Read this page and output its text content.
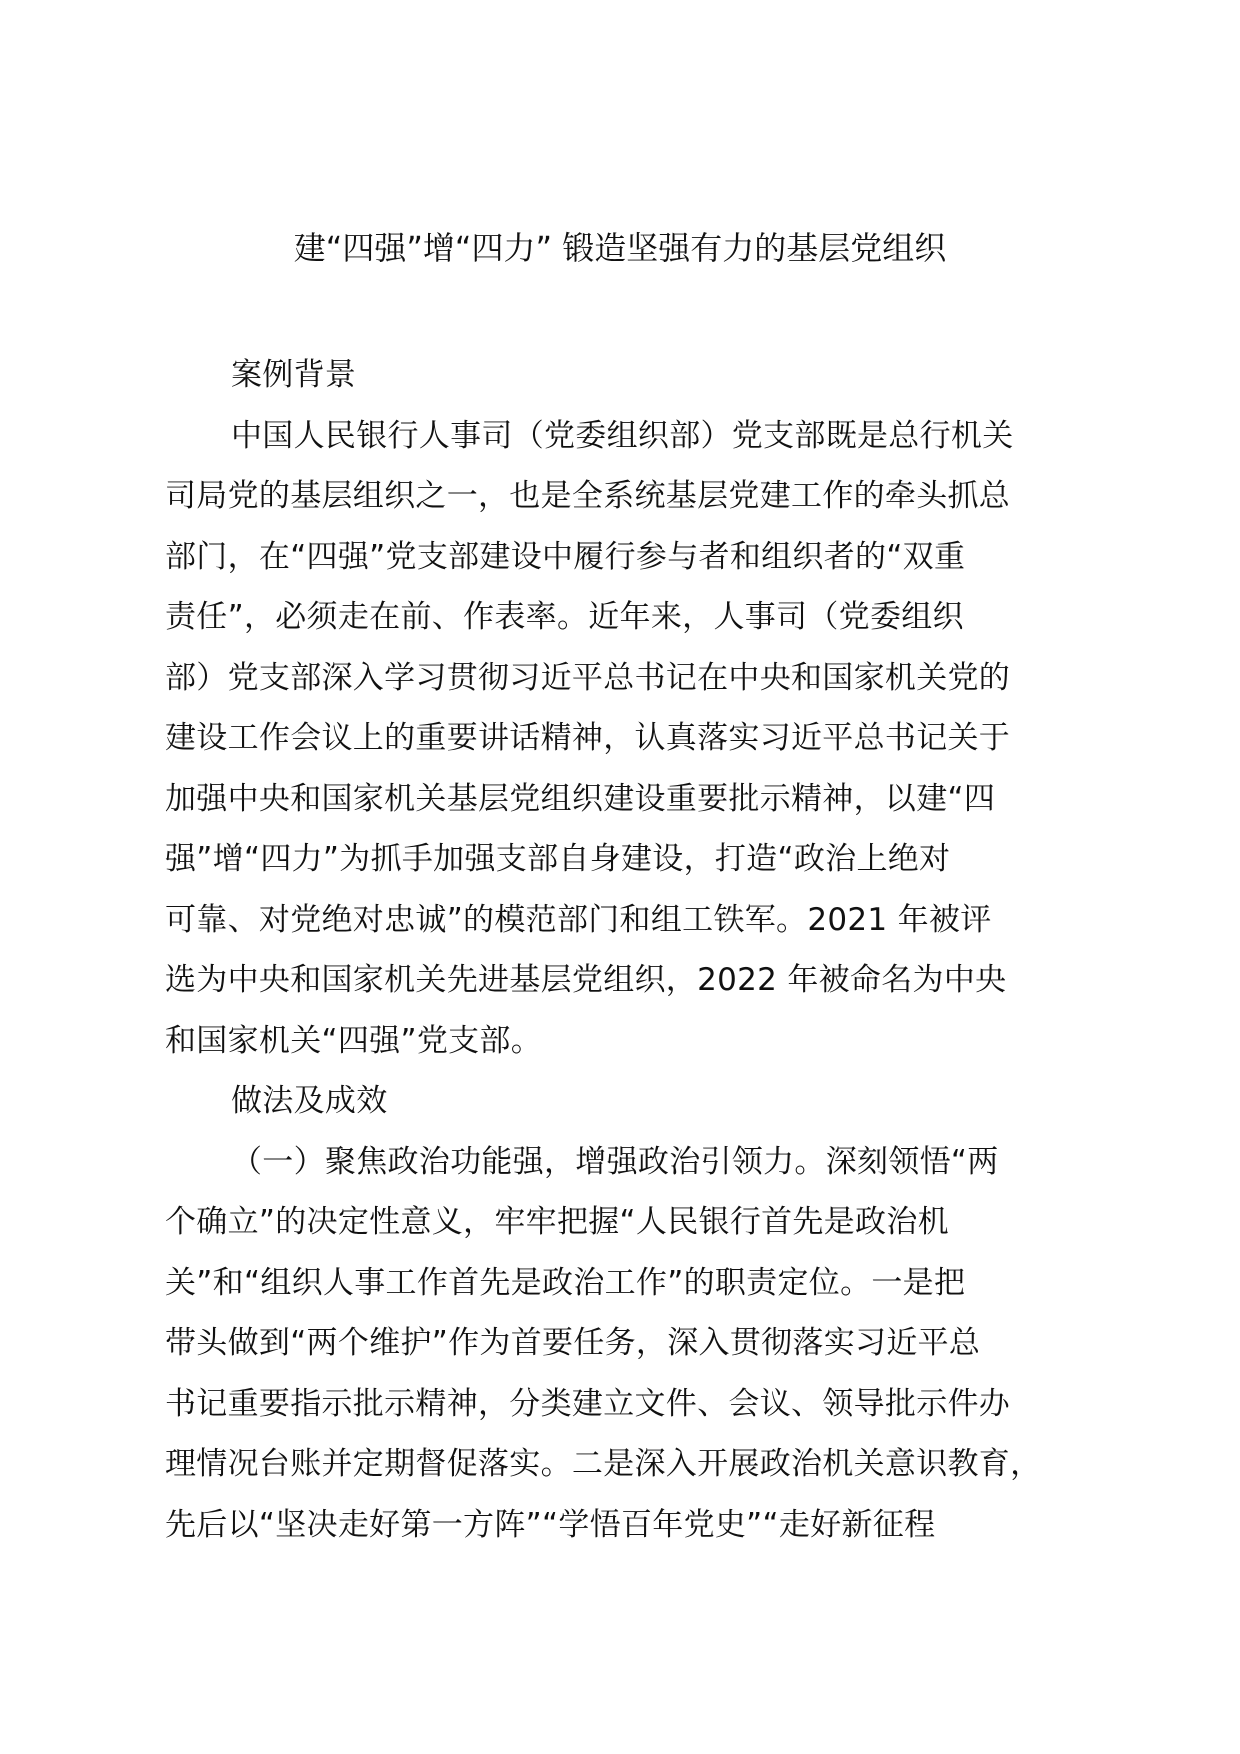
建“四强”增“四力” 锻造坚强有力的基层党组织
案例背景
中国人民银行人事司（党委组织部）党支部既是总行机关
司局党的基层组织之一，也是全系统基层党建工作的牵头抓总
部门，在“四强”党支部建设中履行参与者和组织者的“双重
责任”，必须走在前、作表率。近年来，人事司（党委组织
部）党支部深入学习贯彻习近平总书记在中央和国家机关党的
建设工作会议上的重要讲话精神，认真落实习近平总书记关于
加强中央和国家机关基层党组织建设重要批示精神，以建“四
强”增“四力”为抓手加强支部自身建设，打造“政治上绝对
可靠、对党绝对忠诚”的模范部门和组工铁军。2021 年被评
选为中央和国家机关先进基层党组织，2022 年被命名为中央
和国家机关“四强”党支部。
做法及成效
（一）聚焦政治功能强，增强政治引领力。深刻领悟“两
个确立”的决定性意义，牢牢把握“人民银行首先是政治机
关”和“组织人事工作首先是政治工作”的职责定位。一是把
带头做到“两个维护”作为首要任务，深入贯彻落实习近平总
书记重要指示批示精神，分类建立文件、会议、领导批示件办
理情况台账并定期督促落实。二是深入开展政治机关意识教育，
先后以“坚决走好第一方阵”“学悟百年党史”“走好新征程
